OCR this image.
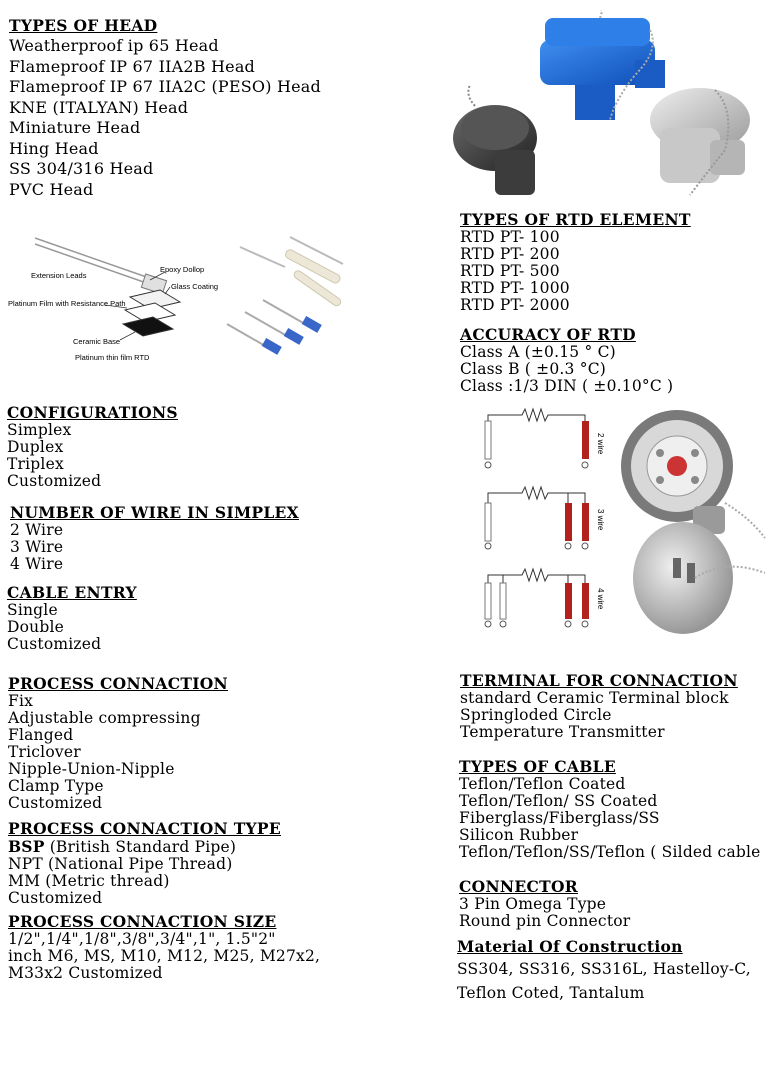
TYPES OF HEAD

Weatherproof ip 65 Head

Flameproof IP 67 IIA2B Head

Flameproof IP 67 IIA2C (PESO) Head

KNE (ITALYAN) Head

Miniature Head

Hing Head

SS 304/316 Head

PVC Head

Extension Leads
Epoxy Dollop
Glass Coating
Platinum Film with Resistance Path
Ceramic Base
Platinum thin film RTD

TYPES OF RTD ELEMENT

RTD PT- 100

RTD PT- 200

RTD PT- 500

RTD PT- 1000

RTD PT- 2000

ACCURACY OF RTD

Class A (±0.15 ° C)

Class B ( ±0.3 °C)

Class :1/3 DIN ( ±0.10°C )

2 wire
3 wire
4 wire

CONFIGURATIONS

Simplex

Duplex

Triplex

Customized

NUMBER OF WIRE IN SIMPLEX

2 Wire

3 Wire

4 Wire

CABLE ENTRY

Single

Double

Customized

PROCESS CONNACTION

Fix

Adjustable compressing

Flanged

Triclover

Nipple-Union-Nipple

Clamp Type

Customized

PROCESS CONNACTION TYPE

BSP (British Standard Pipe)

NPT (National Pipe Thread)

MM (Metric thread)

Customized

PROCESS CONNACTION SIZE

1/2",1/4",1/8",3/8",3/4",1", 1.5"2"

inch M6, MS, M10, M12, M25, M27x2,

M33x2 Customized

TERMINAL FOR CONNACTION

standard Ceramic Terminal block

Springloded Circle

Temperature Transmitter

TYPES OF CABLE

Teflon/Teflon Coated

Teflon/Teflon/ SS Coated

Fiberglass/Fiberglass/SS

Silicon Rubber

Teflon/Teflon/SS/Teflon ( Silded cable

CONNECTOR

3 Pin Omega Type

Round pin Connector

Material Of Construction

SS304, SS316, SS316L, Hastelloy-C,

Teflon Coted, Tantalum
